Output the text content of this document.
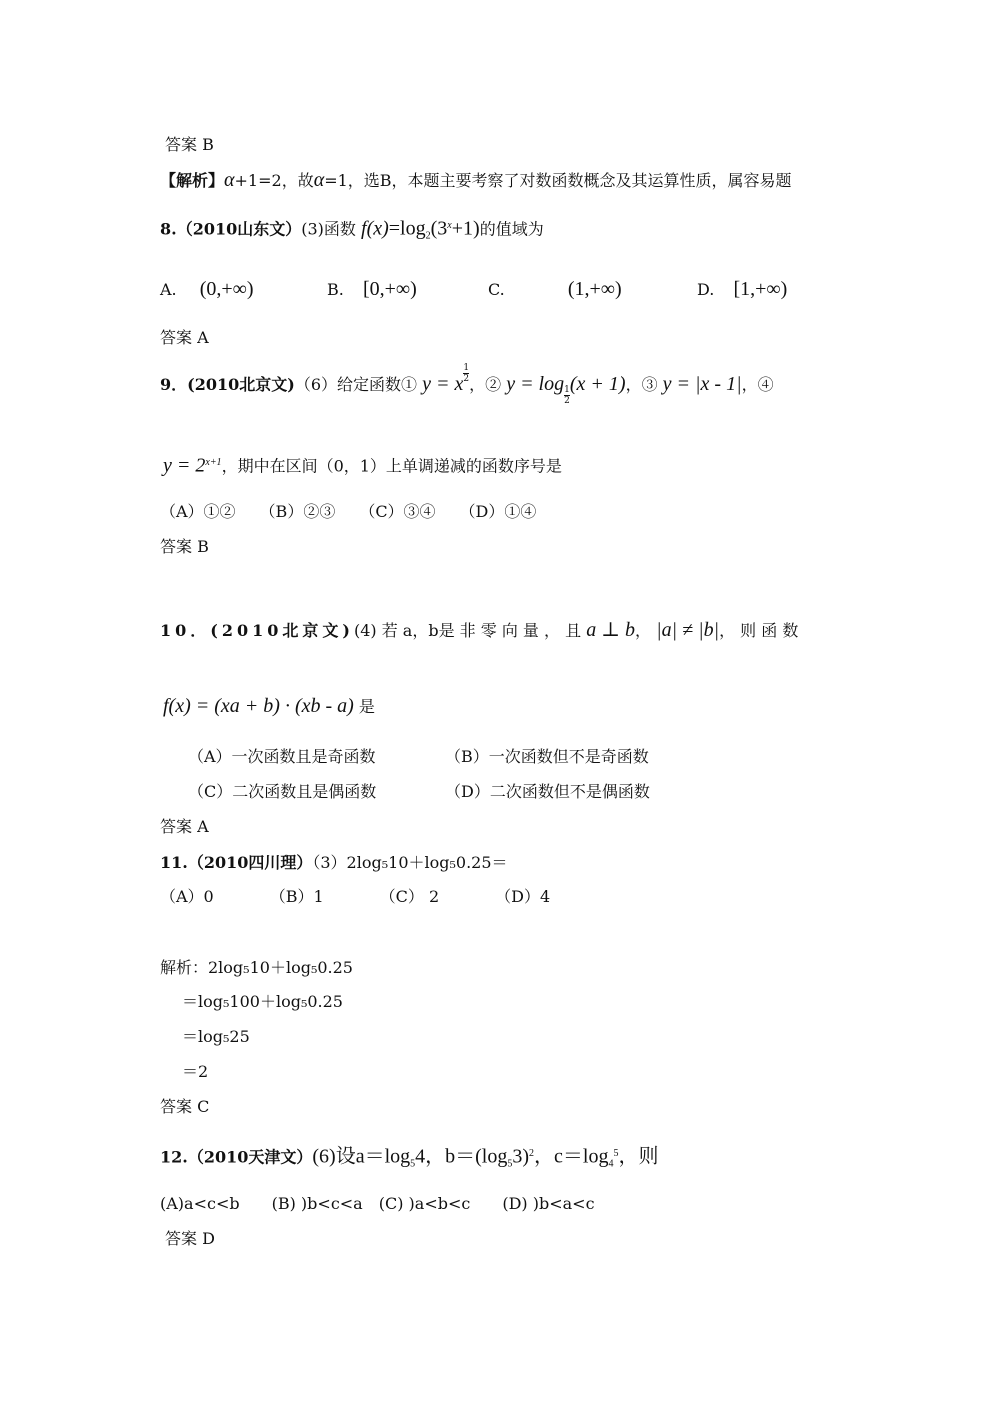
答案 B
【解析】α+1=2，故α=1，选B，本题主要考察了对数函数概念及其运算性质，属容易题
8.（2010山东文）(3)函数 $f(x)=\log_2(3^x+1)$的值域为
A. (0,+∞)	B. [0,+∞)	C.	(1,+∞)	D. [1,+∞)
答案 A
9．(2010北京文)（6）给定函数① y = x $\frac{1}{2}$
，② y = log
$\frac{1}{2}$
(x + 1)，③ y = |x - 1|，④
$y = 2^{x+1}$，期中在区间（0，1）上单调递减的函数序号是
（A）①②　　（B）②③　　（C）③④　　（D）①④
答案 B
10．(2010北京文)(4) 若 a，b是 非 零 向 量 ， 且 a ⊥ b， |a| ≠ |b|， 则 函 数
f(x) = (xa + b) · (xb - a) 是
（A）一次函数且是奇函数	（B）一次函数但不是奇函数
（C）二次函数且是偶函数	（D）二次函数但不是偶函数
答案 A
11.（2010四川理）（3）2log₅10＋log₅0.25＝
（A）0　　　　（B）1　　　　（C） 2　　　　（D）4
解析：2log₅10＋log₅0.25
＝log₅100＋log₅0.25
＝log₅25
＝2
答案 C
12.（2010天津文）(6)设$a=\log_54$，$b=(\log_53)^2$，$c=\log_4^5$，则
(A)a<c<b　　(B) )b<c<a　(C) )a<b<c　　(D) )b<a<c
答案 D
